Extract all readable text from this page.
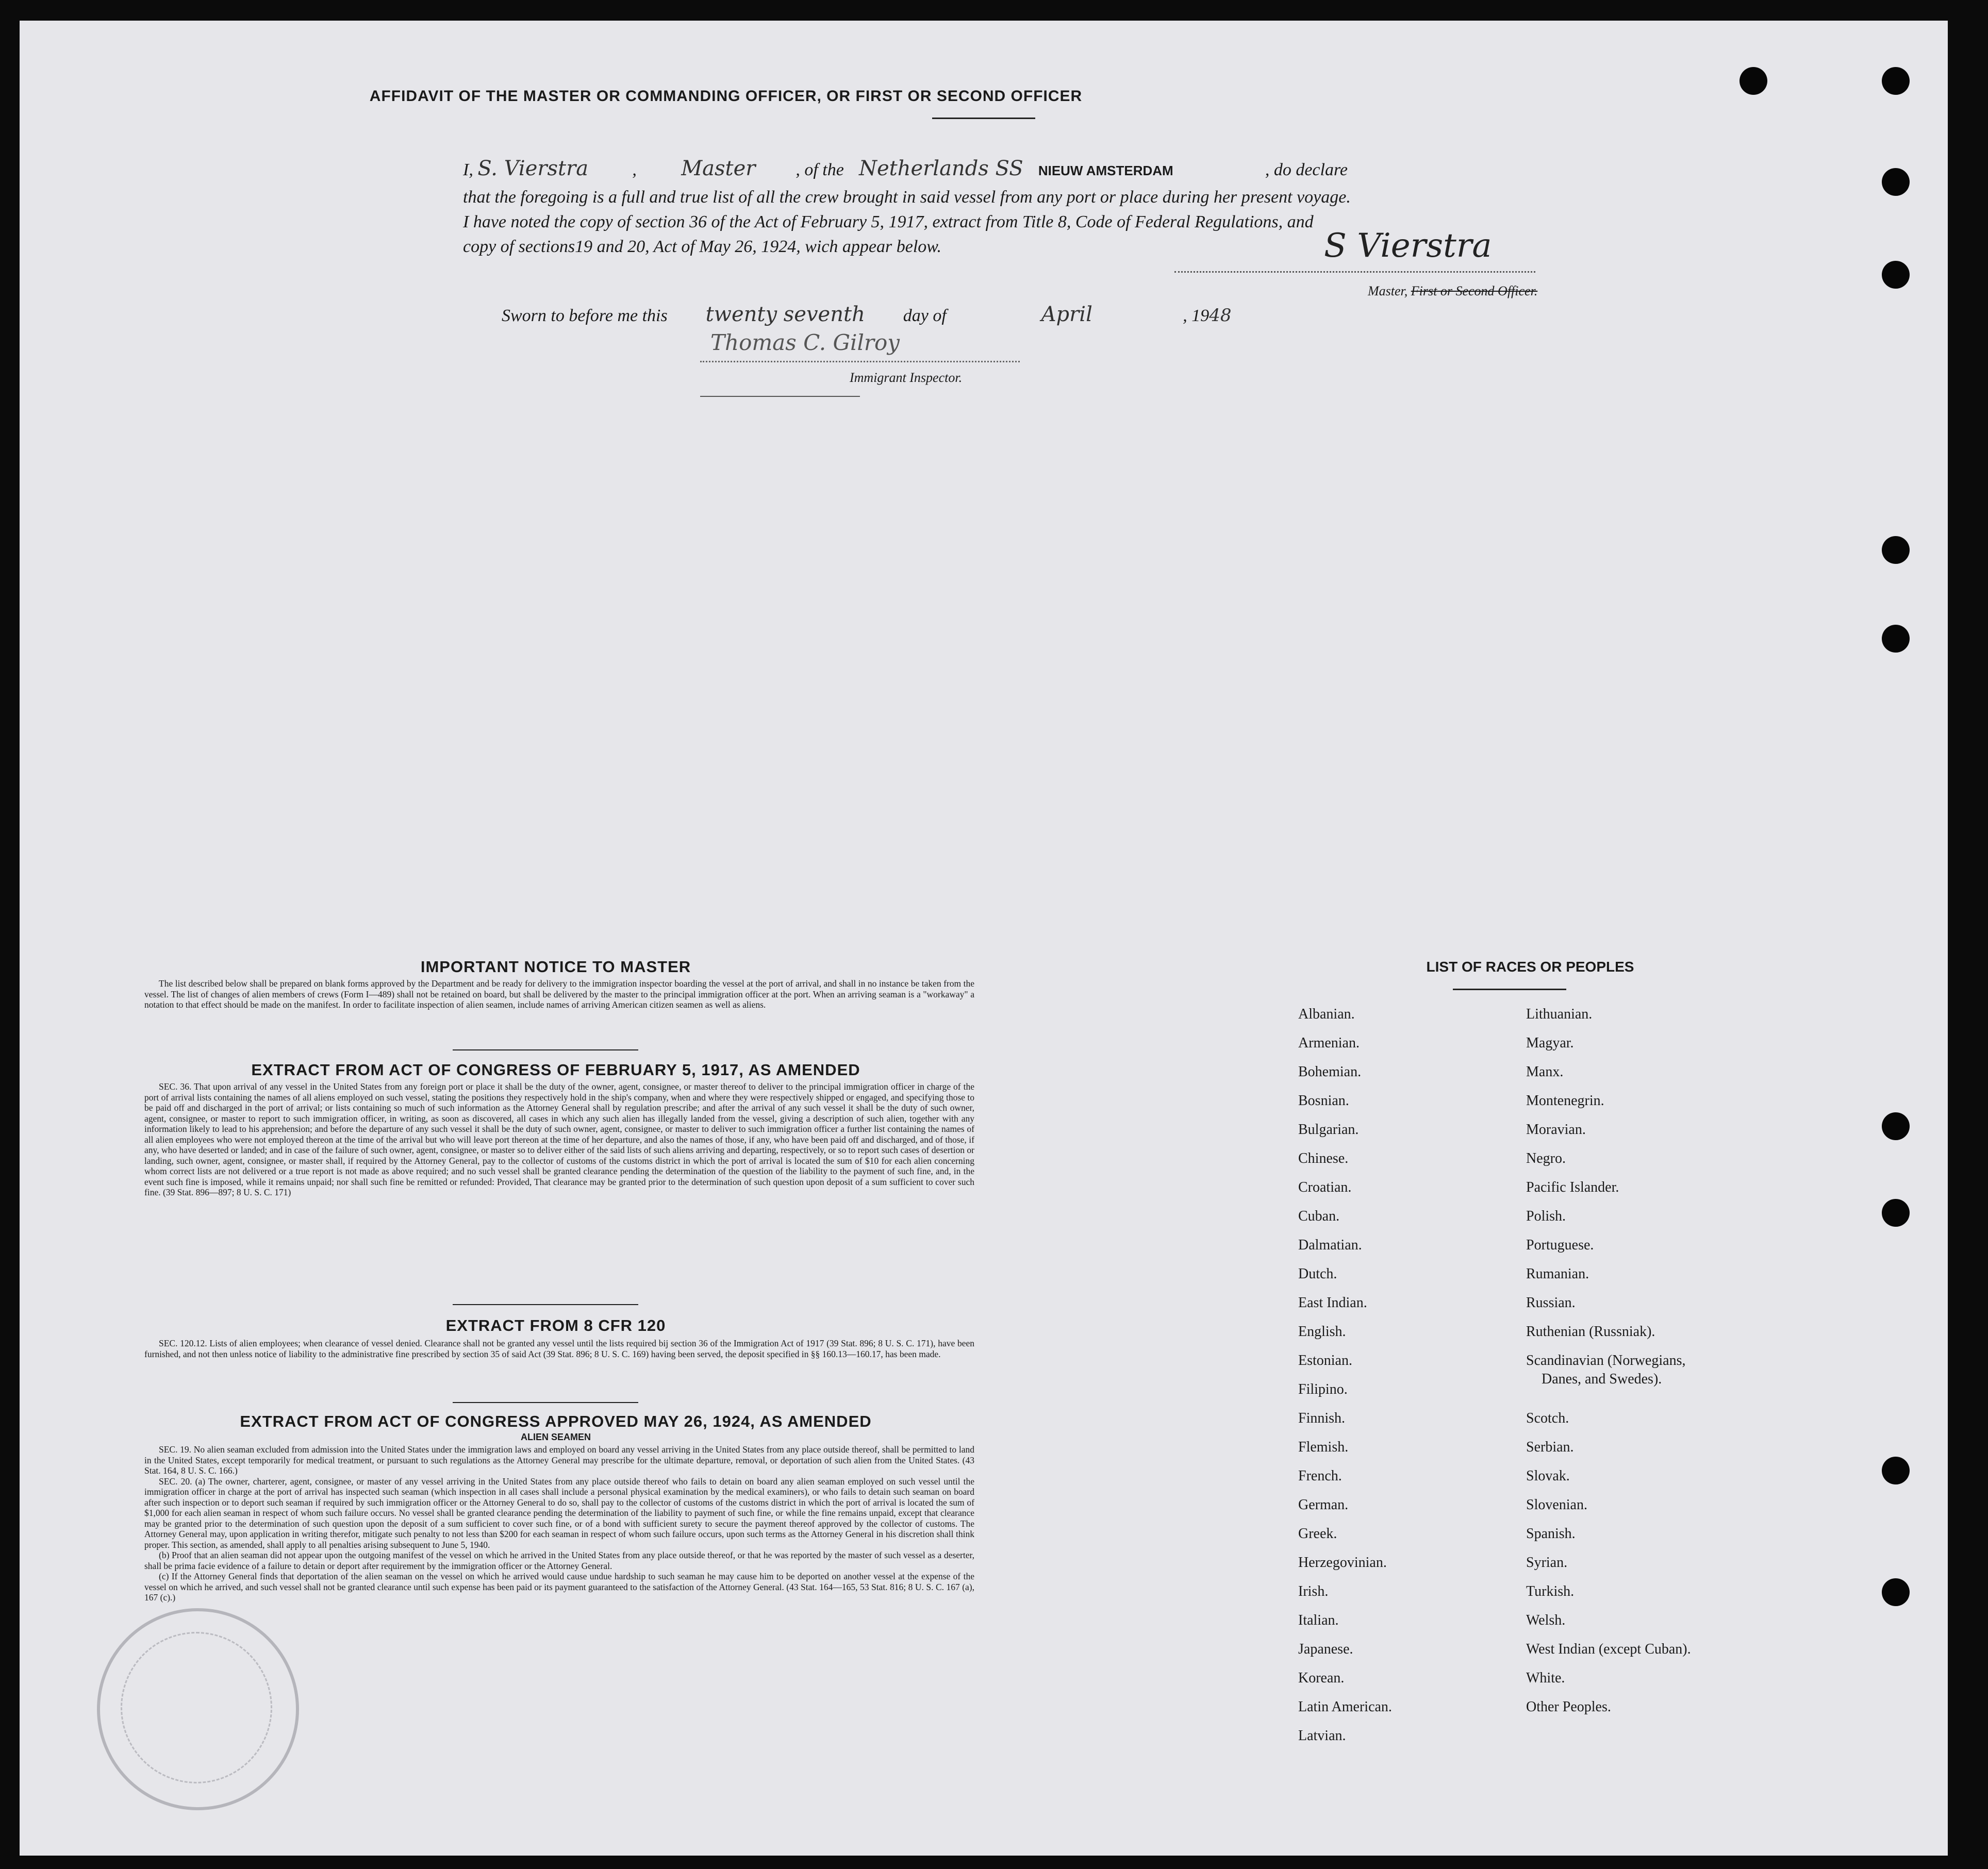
AFFIDAVIT OF THE MASTER OR COMMANDING OFFICER, OR FIRST OR SECOND OFFICER
I, S. Vierstra	, Master , of the Netherlands SS NIEUW AMSTERDAM	, do declare
that the foregoing is a full and true list of all the crew brought in said vessel from any port or place during her present voyage.
I have noted the copy of section 36 of the Act of February 5, 1917, extract from Title 8, Code of Federal Regulations, and
copy of sections19 and 20, Act of May 26, 1924, wich appear below.	S Vierstra
Master, First or Second Officer.
Sworn to before me this twenty seventh day of	April	, 1948
Thomas C. Gilroy
Immigrant Inspector.
IMPORTANT NOTICE TO MASTER

The list described below shall be prepared on blank forms approved by the Department and be ready for delivery to the immigration inspector boarding the vessel at the port of arrival, and shall in no instance be taken from the vessel. The list of changes of alien members of crews (Form I—489) shall not be retained on board, but shall be delivered by the master to the principal immigration officer at the port. When an arriving seaman is a "workaway" a notation to that effect should be made on the manifest. In order to facilitate inspection of alien seamen, include names of arriving American citizen seamen as well as aliens.

EXTRACT FROM ACT OF CONGRESS OF FEBRUARY 5, 1917, AS AMENDED

SEC. 36. That upon arrival of any vessel in the United States from any foreign port or place it shall be the duty of the owner, agent, consignee, or master thereof to deliver to the principal immigration officer in charge of the port of arrival lists containing the names of all aliens employed on such vessel, stating the positions they respectively hold in the ship's company, when and where they were respectively shipped or engaged, and specifying those to be paid off and discharged in the port of arrival; or lists containing so much of such information as the Attorney General shall by regulation prescribe; and after the arrival of any such vessel it shall be the duty of such owner, agent, consignee, or master to report to such immigration officer, in writing, as soon as discovered, all cases in which any such alien has illegally landed from the vessel, giving a description of such alien, together with any information likely to lead to his apprehension; and before the departure of any such vessel it shall be the duty of such owner, agent, consignee, or master to deliver to such immigration officer a further list containing the names of all alien employees who were not employed thereon at the time of the arrival but who will leave port thereon at the time of her departure, and also the names of those, if any, who have been paid off and discharged, and of those, if any, who have deserted or landed; and in case of the failure of such owner, agent, consignee, or master so to deliver either of the said lists of such aliens arriving and departing, respectively, or so to report such cases of desertion or landing, such owner, agent, consignee, or master shall, if required by the Attorney General, pay to the collector of customs of the customs district in which the port of arrival is located the sum of $10 for each alien concerning whom correct lists are not delivered or a true report is not made as above required; and no such vessel shall be granted clearance pending the determination of the question of the liability to the payment of such fine, and, in the event such fine is imposed, while it remains unpaid; nor shall such fine be remitted or refunded: Provided, That clearance may be granted prior to the determination of such question upon deposit of a sum sufficient to cover such fine. (39 Stat. 896—897; 8 U. S. C. 171)

EXTRACT FROM 8 CFR 120

SEC. 120.12. Lists of alien employees; when clearance of vessel denied. Clearance shall not be granted any vessel until the lists required bij section 36 of the Immigration Act of 1917 (39 Stat. 896; 8 U. S. C. 171), have been furnished, and not then unless notice of liability to the administrative fine prescribed by section 35 of said Act (39 Stat. 896; 8 U. S. C. 169) having been served, the deposit specified in §§ 160.13—160.17, has been made.

EXTRACT FROM ACT OF CONGRESS APPROVED MAY 26, 1924, AS AMENDED
ALIEN SEAMEN

SEC. 19. No alien seaman excluded from admission into the United States under the immigration laws and employed on board any vessel arriving in the United States from any place outside thereof, shall be permitted to land in the United States, except temporarily for medical treatment, or pursuant to such regulations as the Attorney General may prescribe for the ultimate departure, removal, or deportation of such alien from the United States. (43 Stat. 164, 8 U. S. C. 166.)

SEC. 20. (a) The owner, charterer, agent, consignee, or master of any vessel arriving in the United States from any place outside thereof who fails to detain on board any alien seaman employed on such vessel until the immigration officer in charge at the port of arrival has inspected such seaman (which inspection in all cases shall include a personal physical examination by the medical examiners), or who fails to detain such seaman on board after such inspection or to deport such seaman if required by such immigration officer or the Attorney General to do so, shall pay to the collector of customs of the customs district in which the port of arrival is located the sum of $1,000 for each alien seaman in respect of whom such failure occurs. No vessel shall be granted clearance pending the determination of the liability to payment of such fine, or while the fine remains unpaid, except that clearance may be granted prior to the determination of such question upon the deposit of a sum sufficient to cover such fine, or of a bond with sufficient surety to secure the payment thereof approved by the collector of customs. The Attorney General may, upon application in writing therefor, mitigate such penalty to not less than $200 for each seaman in respect of whom such failure occurs, upon such terms as the Attorney General in his discretion shall think proper. This section, as amended, shall apply to all penalties arising subsequent to June 5, 1940.

(b) Proof that an alien seaman did not appear upon the outgoing manifest of the vessel on which he arrived in the United States from any place outside thereof, or that he was reported by the master of such vessel as a deserter, shall be prima facie evidence of a failure to detain or deport after requirement by the immigration officer or the Attorney General.

(c) If the Attorney General finds that deportation of the alien seaman on the vessel on which he arrived would cause undue hardship to such seaman he may cause him to be deported on another vessel at the expense of the vessel on which he arrived, and such vessel shall not be granted clearance until such expense has been paid or its payment guaranteed to the satisfaction of the Attorney General. (43 Stat. 164—165, 53 Stat. 816; 8 U. S. C. 167 (a), 167 (c).)

LIST OF RACES OR PEOPLES
Albanian.
Armenian.
Bohemian.
Bosnian.
Bulgarian.
Chinese.
Croatian.
Cuban.
Dalmatian.
Dutch.
East Indian.
English.
Estonian.
Filipino.
Finnish.
Flemish.
French.
German.
Greek.
Herzegovinian.
Irish.
Italian.
Japanese.
Korean.
Latin American.
Latvian.
Lithuanian.
Magyar.
Manx.
Montenegrin.
Moravian.
Negro.
Pacific Islander.
Polish.
Portuguese.
Rumanian.
Russian.
Ruthenian (Russniak).
Scandinavian (Norwegians,
Danes, and Swedes).
Scotch.
Serbian.
Slovak.
Slovenian.
Spanish.
Syrian.
Turkish.
Welsh.
West Indian (except Cuban).
White.
Other Peoples.
